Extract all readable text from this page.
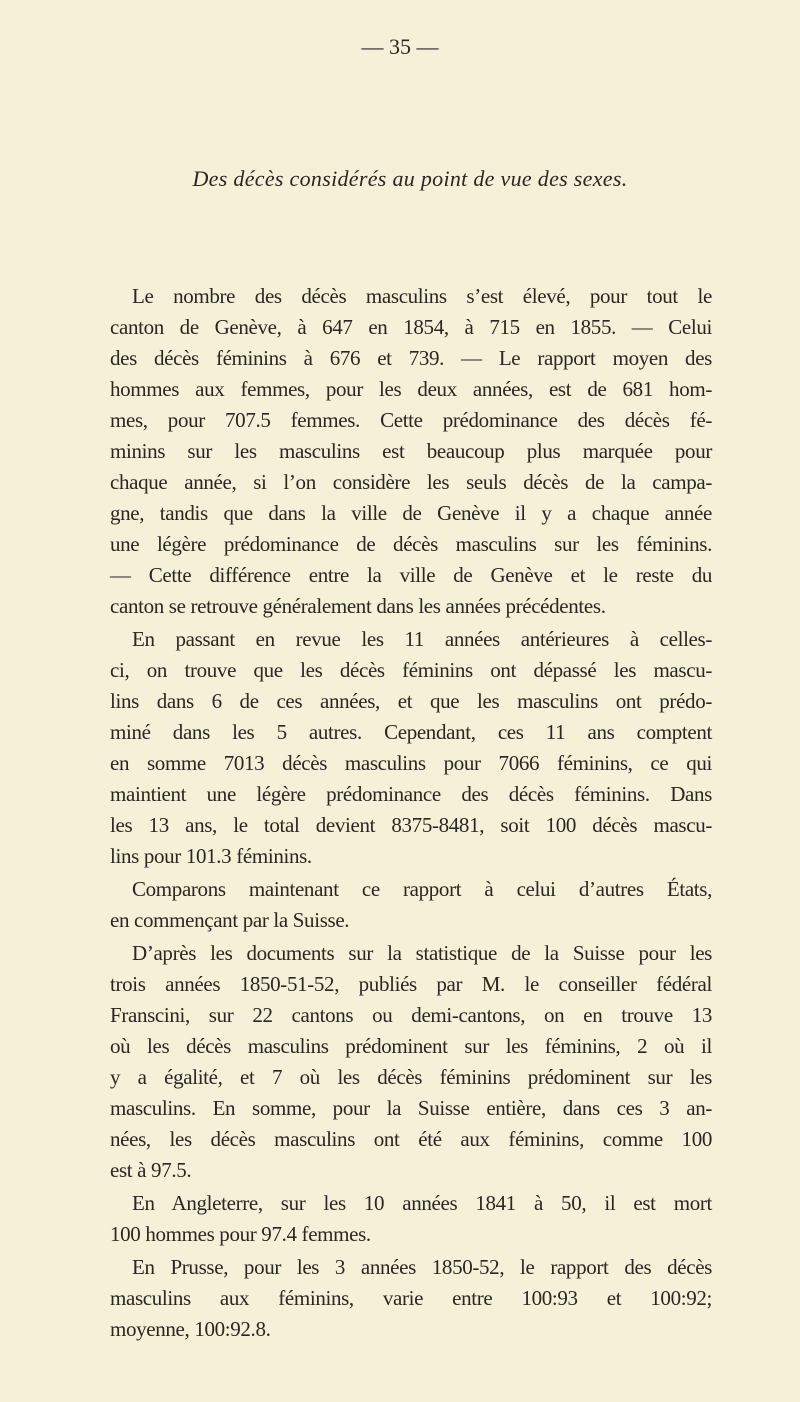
— 35 —
Des décès considérés au point de vue des sexes.
Le nombre des décès masculins s’est élevé, pour tout le
canton de Genève, à 647 en 1854, à 715 en 1855. — Celui
des décès féminins à 676 et 739. — Le rapport moyen des
hommes aux femmes, pour les deux années, est de 681 hom-
mes, pour 707.5 femmes. Cette prédominance des décès fé-
minins sur les masculins est beaucoup plus marquée pour
chaque année, si l’on considère les seuls décès de la campa-
gne, tandis que dans la ville de Genève il y a chaque année
une légère prédominance de décès masculins sur les féminins.
— Cette différence entre la ville de Genève et le reste du
canton se retrouve généralement dans les années précédentes.
En passant en revue les 11 années antérieures à celles-
ci, on trouve que les décès féminins ont dépassé les mascu-
lins dans 6 de ces années, et que les masculins ont prédo-
miné dans les 5 autres. Cependant, ces 11 ans comptent
en somme 7013 décès masculins pour 7066 féminins, ce qui
maintient une légère prédominance des décès féminins. Dans
les 13 ans, le total devient 8375-8481, soit 100 décès mascu-
lins pour 101.3 féminins.
Comparons maintenant ce rapport à celui d’autres États,
en commençant par la Suisse.
D’après les documents sur la statistique de la Suisse pour les
trois années 1850-51-52, publiés par M. le conseiller fédéral
Franscini, sur 22 cantons ou demi-cantons, on en trouve 13
où les décès masculins prédominent sur les féminins, 2 où il
y a égalité, et 7 où les décès féminins prédominent sur les
masculins. En somme, pour la Suisse entière, dans ces 3 an-
nées, les décès masculins ont été aux féminins, comme 100
est à 97.5.
En Angleterre, sur les 10 années 1841 à 50, il est mort
100 hommes pour 97.4 femmes.
En Prusse, pour les 3 années 1850-52, le rapport des décès
masculins aux féminins, varie entre 100:93 et 100:92;
moyenne, 100:92.8.
